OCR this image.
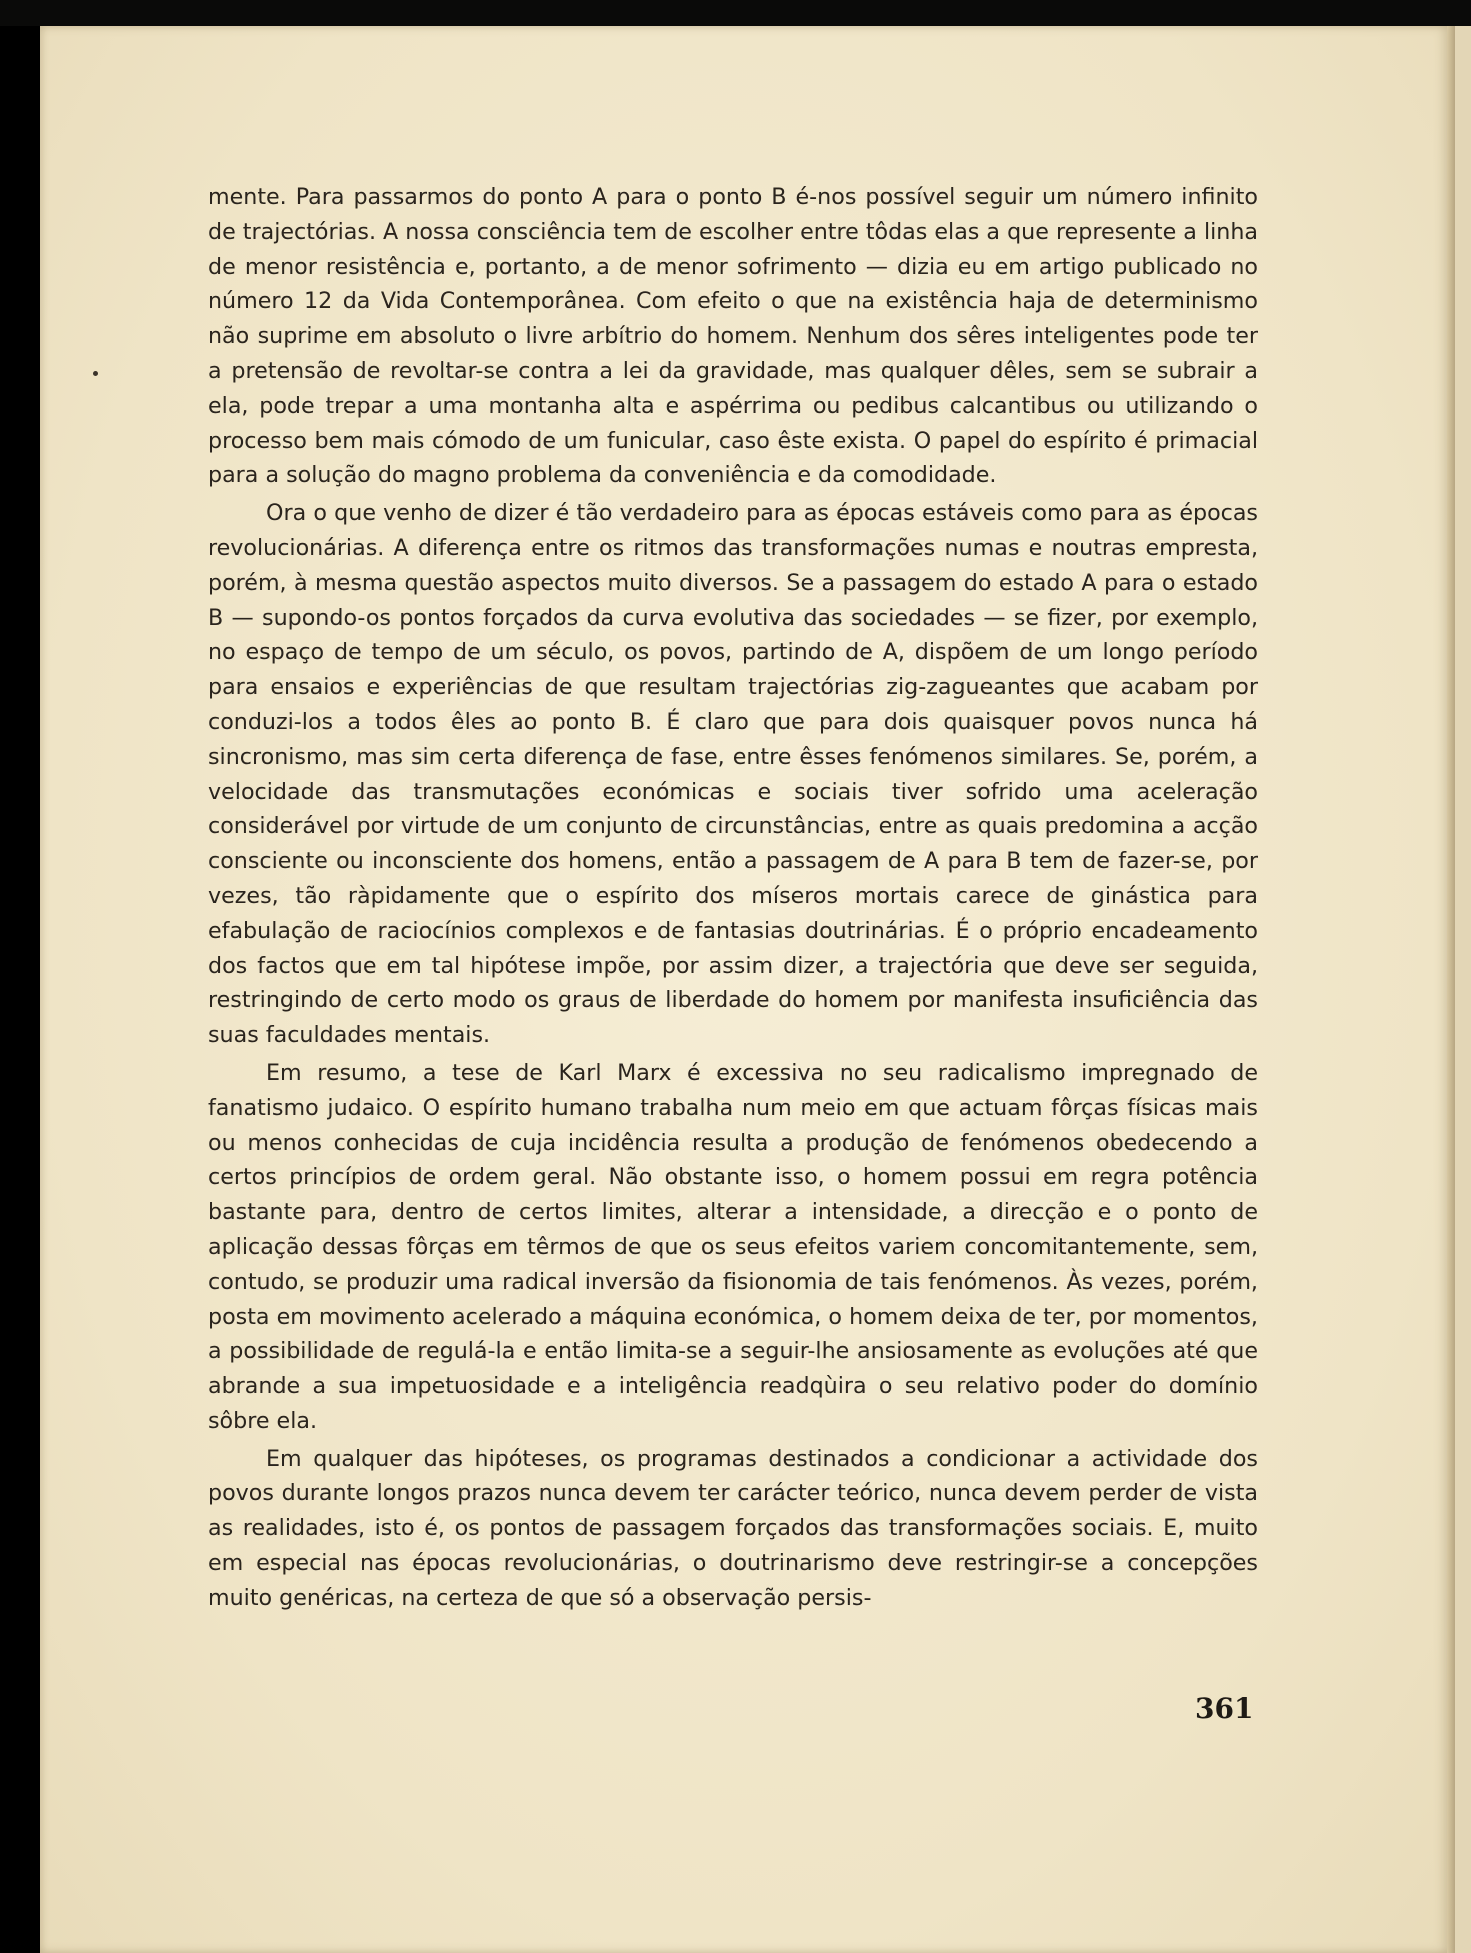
mente. Para passarmos do ponto A para o ponto B é-nos possível seguir um número infinito de trajectórias. A nossa consciência tem de escolher entre tôdas elas a que represente a linha de menor resistência e, portanto, a de menor sofrimento — dizia eu em artigo publicado no número 12 da Vida Contemporânea. Com efeito o que na existência haja de determinismo não suprime em absoluto o livre arbítrio do homem. Nenhum dos sêres inteligentes pode ter a pretensão de revoltar-se contra a lei da gravidade, mas qualquer dêles, sem se subrair a ela, pode trepar a uma montanha alta e aspérrima ou pedibus calcantibus ou utilizando o processo bem mais cómodo de um funicular, caso êste exista. O papel do espírito é primacial para a solução do magno problema da conveniência e da comodidade.

Ora o que venho de dizer é tão verdadeiro para as épocas estáveis como para as épocas revolucionárias. A diferença entre os ritmos das transformações numas e noutras empresta, porém, à mesma questão aspectos muito diversos. Se a passagem do estado A para o estado B — supondo-os pontos forçados da curva evolutiva das sociedades — se fizer, por exemplo, no espaço de tempo de um século, os povos, partindo de A, dispõem de um longo período para ensaios e experiências de que resultam trajectórias zig-zagueantes que acabam por conduzi-los a todos êles ao ponto B. É claro que para dois quaisquer povos nunca há sincronismo, mas sim certa diferença de fase, entre êsses fenómenos similares. Se, porém, a velocidade das transmutações económicas e sociais tiver sofrido uma aceleração considerável por virtude de um conjunto de circunstâncias, entre as quais predomina a acção consciente ou inconsciente dos homens, então a passagem de A para B tem de fazer-se, por vezes, tão ràpidamente que o espírito dos míseros mortais carece de ginástica para efabulação de raciocínios complexos e de fantasias doutrinárias. É o próprio encadeamento dos factos que em tal hipótese impõe, por assim dizer, a trajectória que deve ser seguida, restringindo de certo modo os graus de liberdade do homem por manifesta insuficiência das suas faculdades mentais.

Em resumo, a tese de Karl Marx é excessiva no seu radicalismo impregnado de fanatismo judaico. O espírito humano trabalha num meio em que actuam fôrças físicas mais ou menos conhecidas de cuja incidência resulta a produção de fenómenos obedecendo a certos princípios de ordem geral. Não obstante isso, o homem possui em regra potência bastante para, dentro de certos limites, alterar a intensidade, a direcção e o ponto de aplicação dessas fôrças em têrmos de que os seus efeitos variem concomitantemente, sem, contudo, se produzir uma radical inversão da fisionomia de tais fenómenos. Às vezes, porém, posta em movimento acelerado a máquina económica, o homem deixa de ter, por momentos, a possibilidade de regulá-la e então limita-se a seguir-lhe ansiosamente as evoluções até que abrande a sua impetuosidade e a inteligência readqùira o seu relativo poder do domínio sôbre ela.

Em qualquer das hipóteses, os programas destinados a condicionar a actividade dos povos durante longos prazos nunca devem ter carácter teórico, nunca devem perder de vista as realidades, isto é, os pontos de passagem forçados das transformações sociais. E, muito em especial nas épocas revolucionárias, o doutrinarismo deve restringir-se a concepções muito genéricas, na certeza de que só a observação persis-

361
